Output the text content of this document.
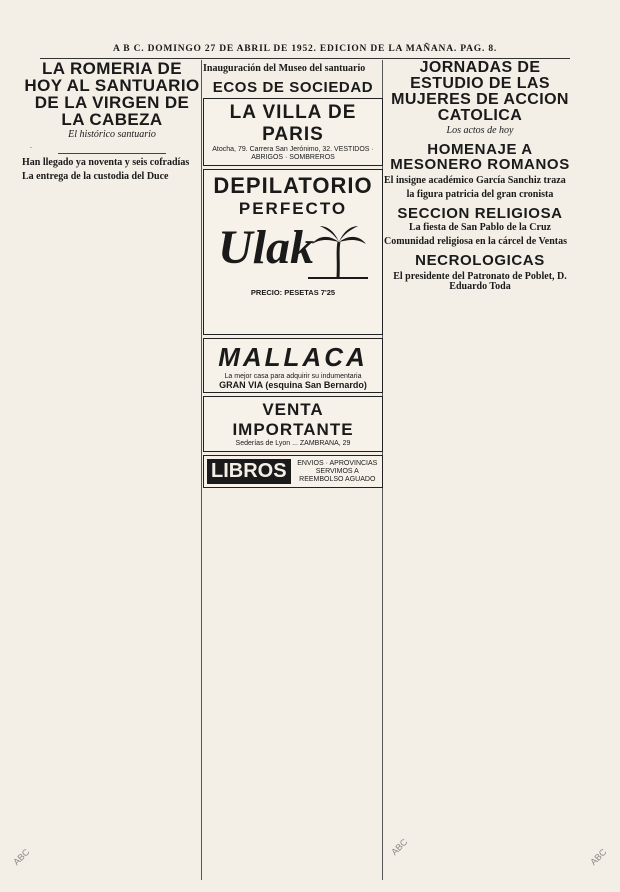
A B C. DOMINGO 27 DE ABRIL DE 1952. EDICION DE LA MAÑANA. PAG. 8.
LA ROMERIA DE HOY AL SANTUARIO DE LA VIRGEN DE LA CABEZA
El histórico santuario

.

Han llegado ya noventa y seis cofradías

La entrega de la custodia del Duce

Inauguración del Museo del santuario

ECOS DE SOCIEDAD

LA VILLA DE PARIS
Atocha, 79. Carrera San Jerónimo, 32. VESTIDOS · ABRIGOS · SOMBREROS
DEPILATORIO
PERFECTO
Ulak
PRECIO: PESETAS 7'25
MALLACA
La mejor casa para adquirir su indumentaria
GRAN VIA (esquina San Bernardo)
VENTA IMPORTANTE
Sederías de Lyon ... ZAMBRANA, 29
LIBROS	ENVIOS · APROVINCIAS SERVIMOS A REEMBOLSO AGUADO
JORNADAS DE ESTUDIO DE LAS MUJERES DE ACCION CATOLICA
Los actos de hoy

HOMENAJE A MESONERO ROMANOS
El insigne académico García Sanchiz traza
la figura patricia del gran cronista

SECCION RELIGIOSA
La fiesta de San Pablo de la Cruz

Comunidad religiosa en la cárcel de Ventas

NECROLOGICAS
El presidente del Patronato de Poblet, D. Eduardo Toda

ABC	ABC	ABC
